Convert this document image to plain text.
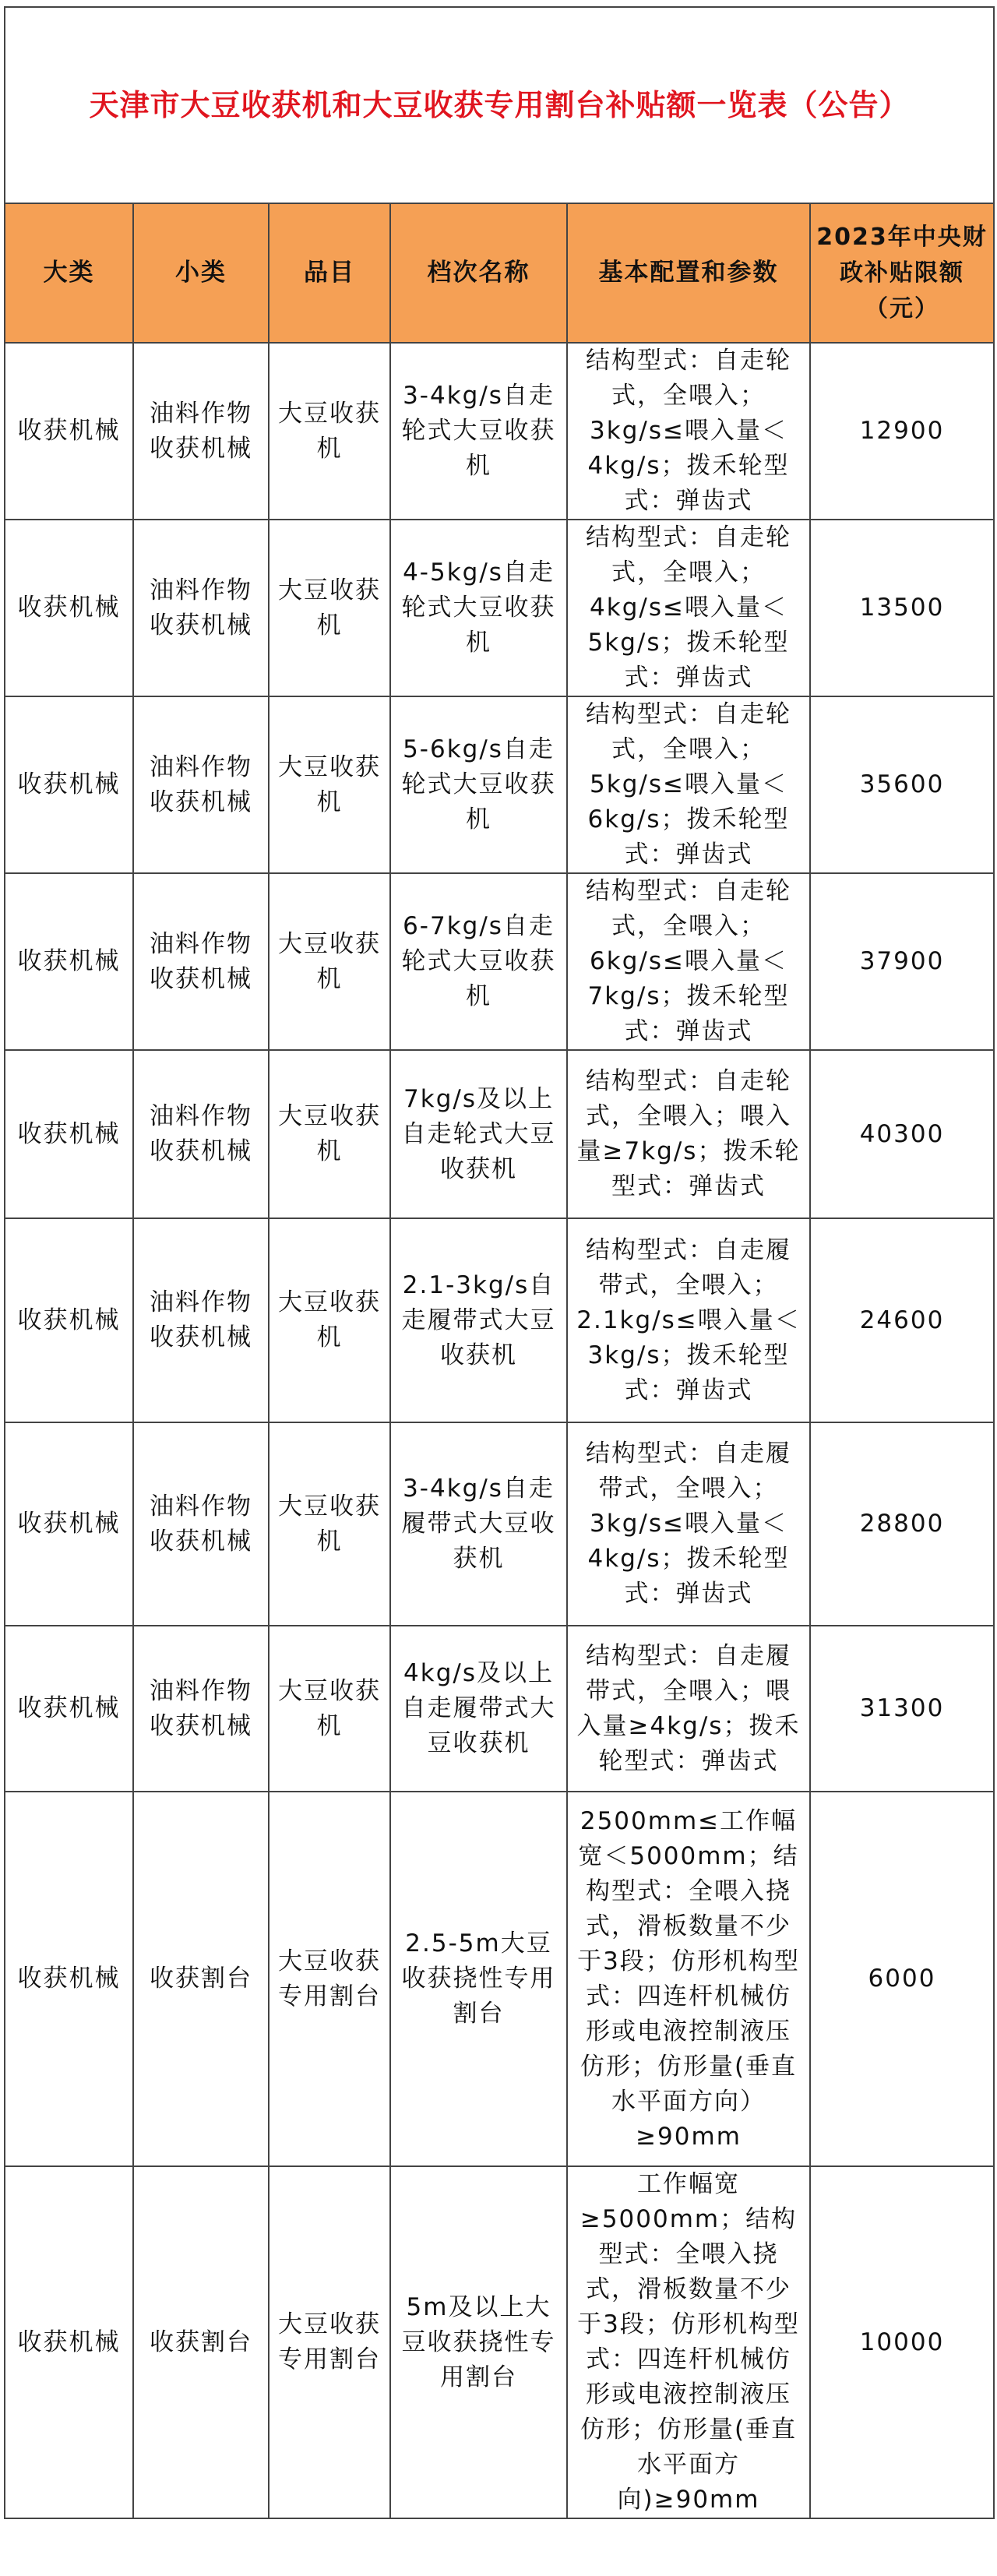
天津市大豆收获机和大豆收获专用割台补贴额一览表（公告）					
大类	小类	品目	档次名称	基本配置和参数	2023年中央财政补贴限额（元）
收获机械	油料作物收获机械	大豆收获机	3-4kg/s自走轮式大豆收获机	结构型式：自走轮式，全喂入；3kg/s≤喂入量＜4kg/s；拨禾轮型式：弹齿式	12900
收获机械	油料作物收获机械	大豆收获机	4-5kg/s自走轮式大豆收获机	结构型式：自走轮式，全喂入；4kg/s≤喂入量＜5kg/s；拨禾轮型式：弹齿式	13500
收获机械	油料作物收获机械	大豆收获机	5-6kg/s自走轮式大豆收获机	结构型式：自走轮式，全喂入；5kg/s≤喂入量＜6kg/s；拨禾轮型式：弹齿式	35600
收获机械	油料作物收获机械	大豆收获机	6-7kg/s自走轮式大豆收获机	结构型式：自走轮式，全喂入；6kg/s≤喂入量＜7kg/s；拨禾轮型式：弹齿式	37900
收获机械	油料作物收获机械	大豆收获机	7kg/s及以上自走轮式大豆收获机	结构型式：自走轮式，全喂入；喂入量≥7kg/s；拨禾轮型式：弹齿式	40300
收获机械	油料作物收获机械	大豆收获机	2.1-3kg/s自走履带式大豆收获机	结构型式：自走履带式，全喂入；2.1kg/s≤喂入量＜3kg/s；拨禾轮型式：弹齿式	24600
收获机械	油料作物收获机械	大豆收获机	3-4kg/s自走履带式大豆收获机	结构型式：自走履带式，全喂入；3kg/s≤喂入量＜4kg/s；拨禾轮型式：弹齿式	28800
收获机械	油料作物收获机械	大豆收获机	4kg/s及以上自走履带式大豆收获机	结构型式：自走履带式，全喂入；喂入量≥4kg/s；拨禾轮型式：弹齿式	31300
收获机械	收获割台	大豆收获专用割台	2.5-5m大豆收获挠性专用割台	2500mm≤工作幅宽＜5000mm；结构型式：全喂入挠式，滑板数量不少于3段；仿形机构型式：四连杆机械仿形或电液控制液压仿形；仿形量(垂直水平面方向）≥90mm	6000
收获机械	收获割台	大豆收获专用割台	5m及以上大豆收获挠性专用割台	工作幅宽≥5000mm；结构型式：全喂入挠式，滑板数量不少于3段；仿形机构型式：四连杆机械仿形或电液控制液压仿形；仿形量(垂直水平面方向)≥90mm	10000
